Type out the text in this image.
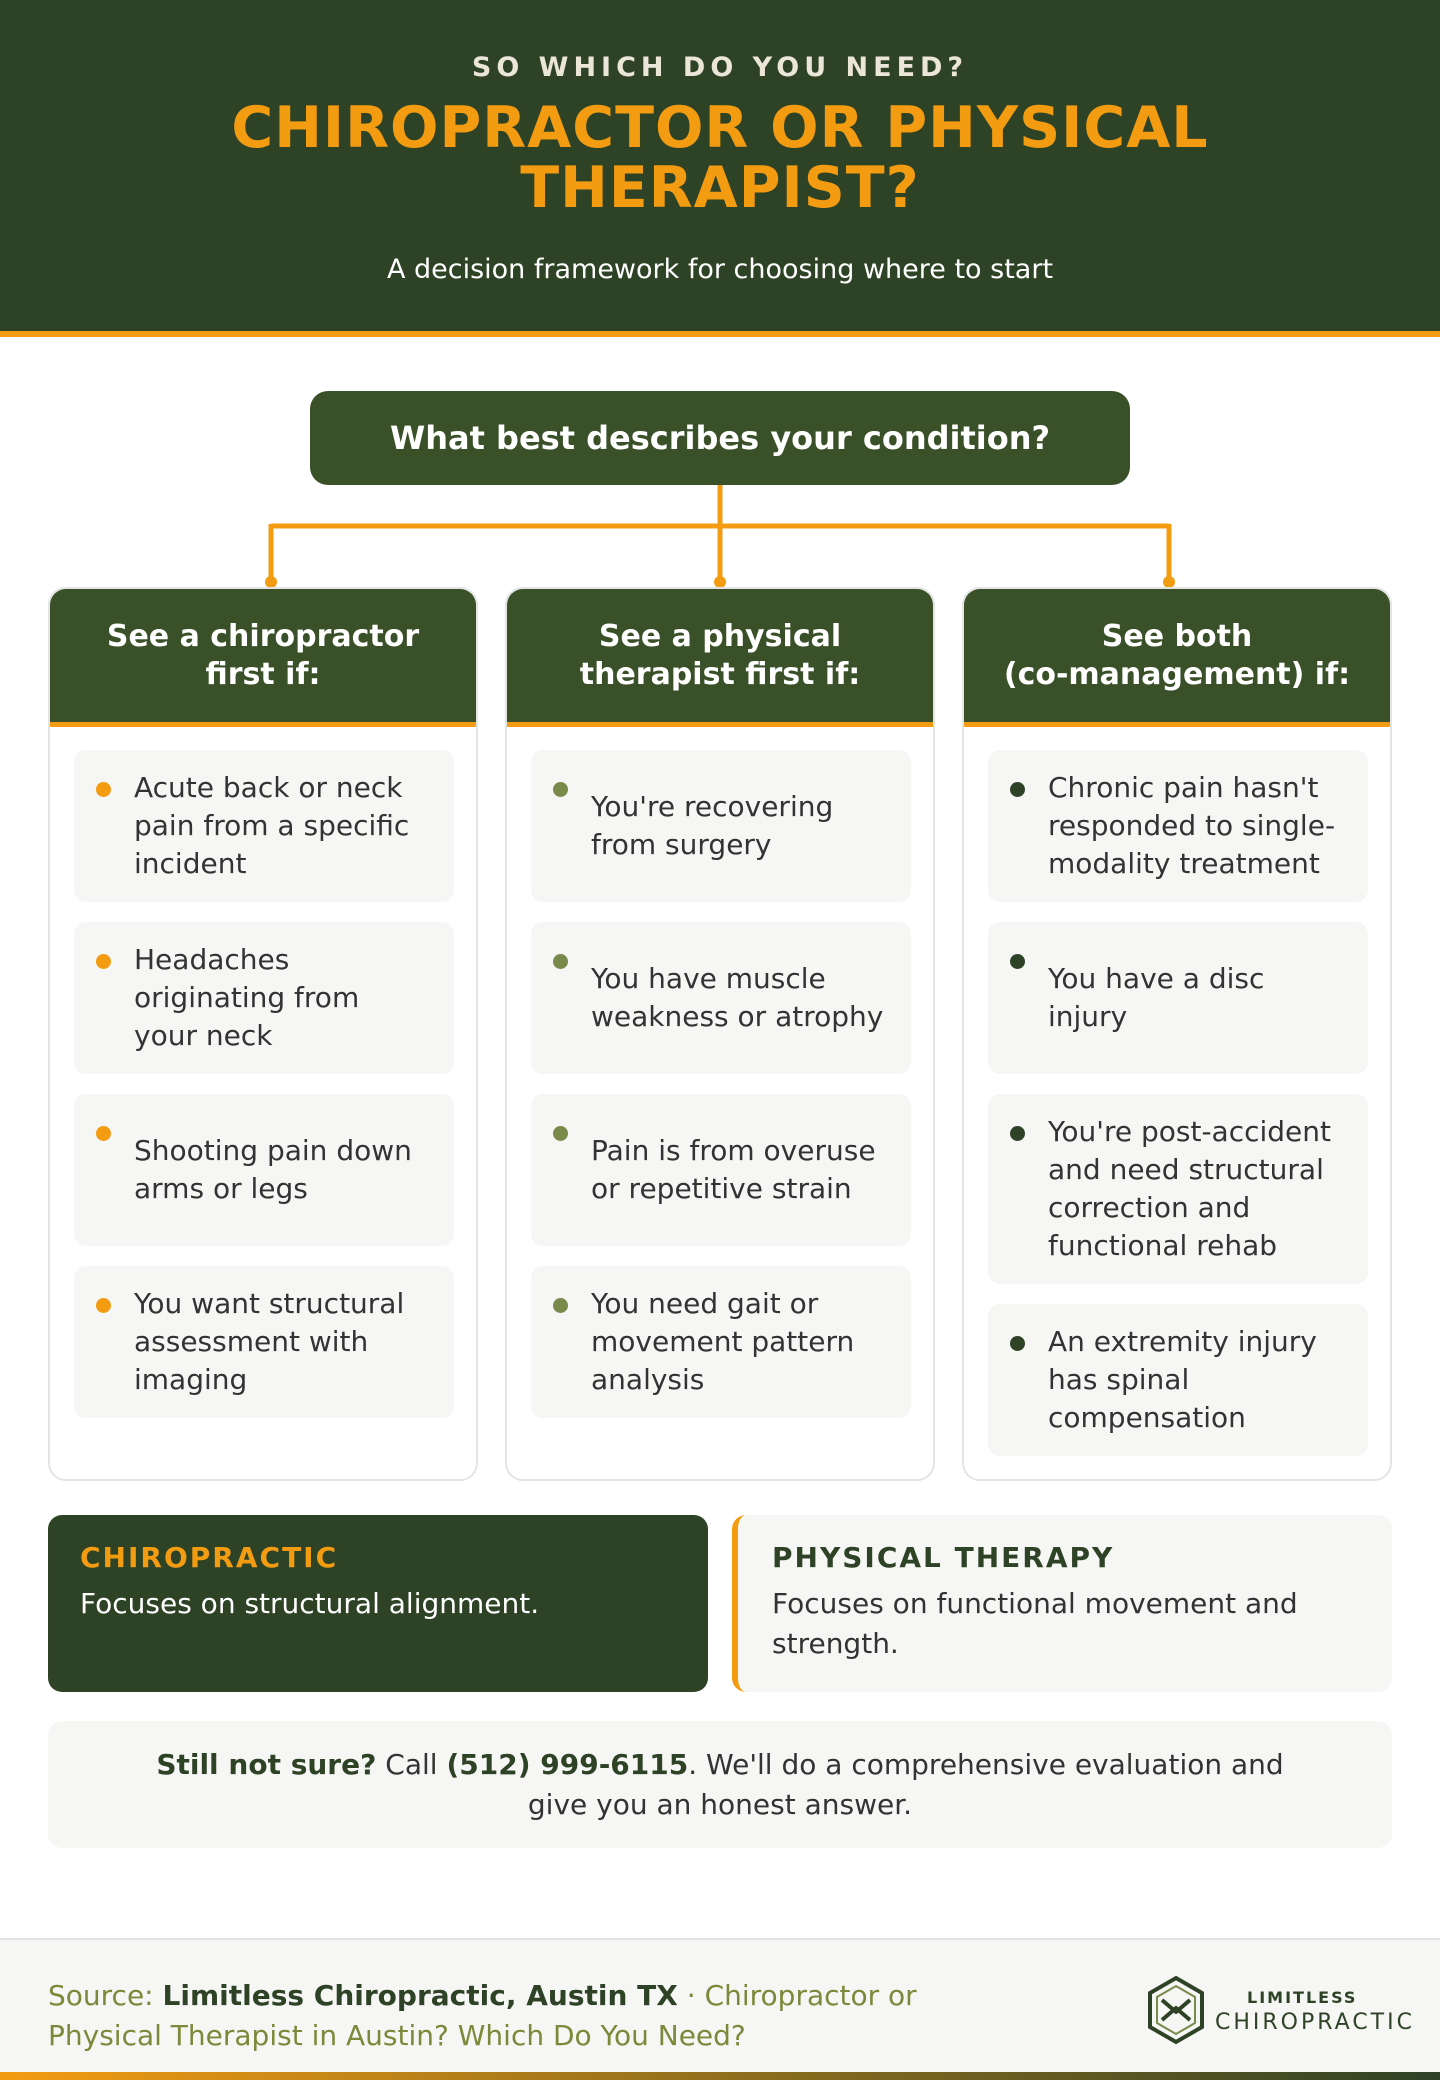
SO WHICH DO YOU NEED?
CHIROPRACTOR OR PHYSICAL
THERAPIST?
A decision framework for choosing where to start
What best describes your condition?
See a chiropractor first if:
Acute back or neck pain from a specific incident
Headaches originating from your neck
Shooting pain down arms or legs
You want structural assessment with imaging
See a physical therapist first if:
You're recovering from surgery
You have muscle weakness or atrophy
Pain is from overuse or repetitive strain
You need gait or movement pattern analysis
See both
(co-management) if:
Chronic pain hasn't responded to single-modality treatment
You have a disc injury
You're post-accident and need structural correction and functional rehab
An extremity injury has spinal compensation
CHIROPRACTIC
Focuses on structural alignment.
PHYSICAL THERAPY
Focuses on functional movement and strength.
Still not sure? Call (512) 999-6115. We'll do a comprehensive evaluation and give you an honest answer.
Source: Limitless Chiropractic, Austin TX · Chiropractor or Physical Therapist in Austin? Which Do You Need?
LIMITLESS
CHIROPRACTIC
